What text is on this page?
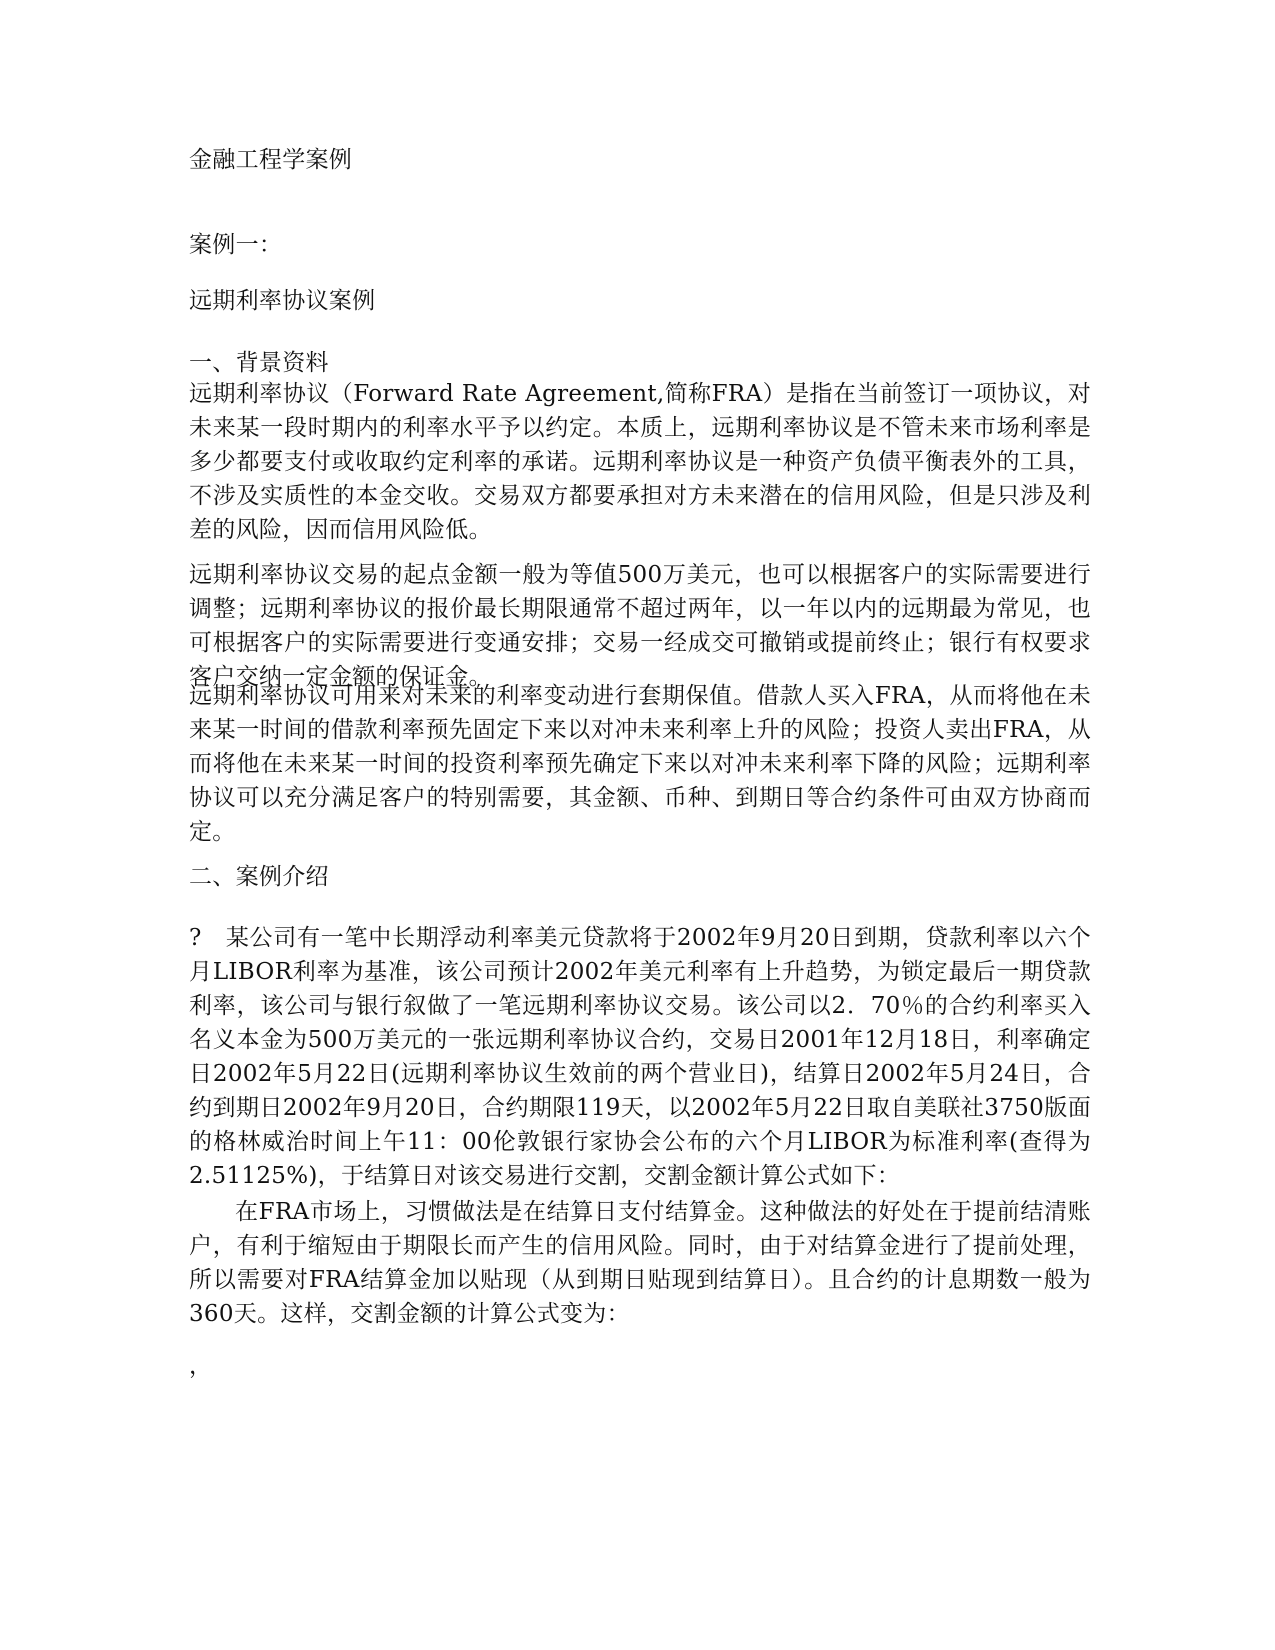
金融工程学案例
案例一：
远期利率协议案例
一、背景资料

远期利率协议（Forward Rate Agreement,简称FRA）是指在当前签订一项协议，对未来某一段时期内的利率水平予以约定。本质上，远期利率协议是不管未来市场利率是多少都要支付或收取约定利率的承诺。远期利率协议是一种资产负债平衡表外的工具，不涉及实质性的本金交收。交易双方都要承担对方未来潜在的信用风险，但是只涉及利差的风险，因而信用风险低。

远期利率协议交易的起点金额一般为等值500万美元，也可以根据客户的实际需要进行调整；远期利率协议的报价最长期限通常不超过两年，以一年以内的远期最为常见，也可根据客户的实际需要进行变通安排；交易一经成交可撤销或提前终止；银行有权要求客户交纳一定金额的保证金。

远期利率协议可用来对未来的利率变动进行套期保值。借款人买入FRA，从而将他在未来某一时间的借款利率预先固定下来以对冲未来利率上升的风险；投资人卖出FRA，从而将他在未来某一时间的投资利率预先确定下来以对冲未来利率下降的风险；远期利率协议可以充分满足客户的特别需要，其金额、币种、到期日等合约条件可由双方协商而定。

二、案例介绍

?　某公司有一笔中长期浮动利率美元贷款将于2002年9月20日到期，贷款利率以六个月LIBOR利率为基准，该公司预计2002年美元利率有上升趋势，为锁定最后一期贷款利率，该公司与银行叙做了一笔远期利率协议交易。该公司以2．70％的合约利率买入名义本金为500万美元的一张远期利率协议合约，交易日2001年12月18日，利率确定日2002年5月22日(远期利率协议生效前的两个营业日)，结算日2002年5月24日，合约到期日2002年9月20日，合约期限119天，以2002年5月22日取自美联社3750版面的格林威治时间上午11：00伦敦银行家协会公布的六个月LIBOR为标准利率(查得为2.51125%)，于结算日对该交易进行交割，交割金额计算公式如下：

在FRA市场上，习惯做法是在结算日支付结算金。这种做法的好处在于提前结清账户，有利于缩短由于期限长而产生的信用风险。同时，由于对结算金进行了提前处理，所以需要对FRA结算金加以贴现（从到期日贴现到结算日）。且合约的计息期数一般为360天。这样，交割金额的计算公式变为：

，
